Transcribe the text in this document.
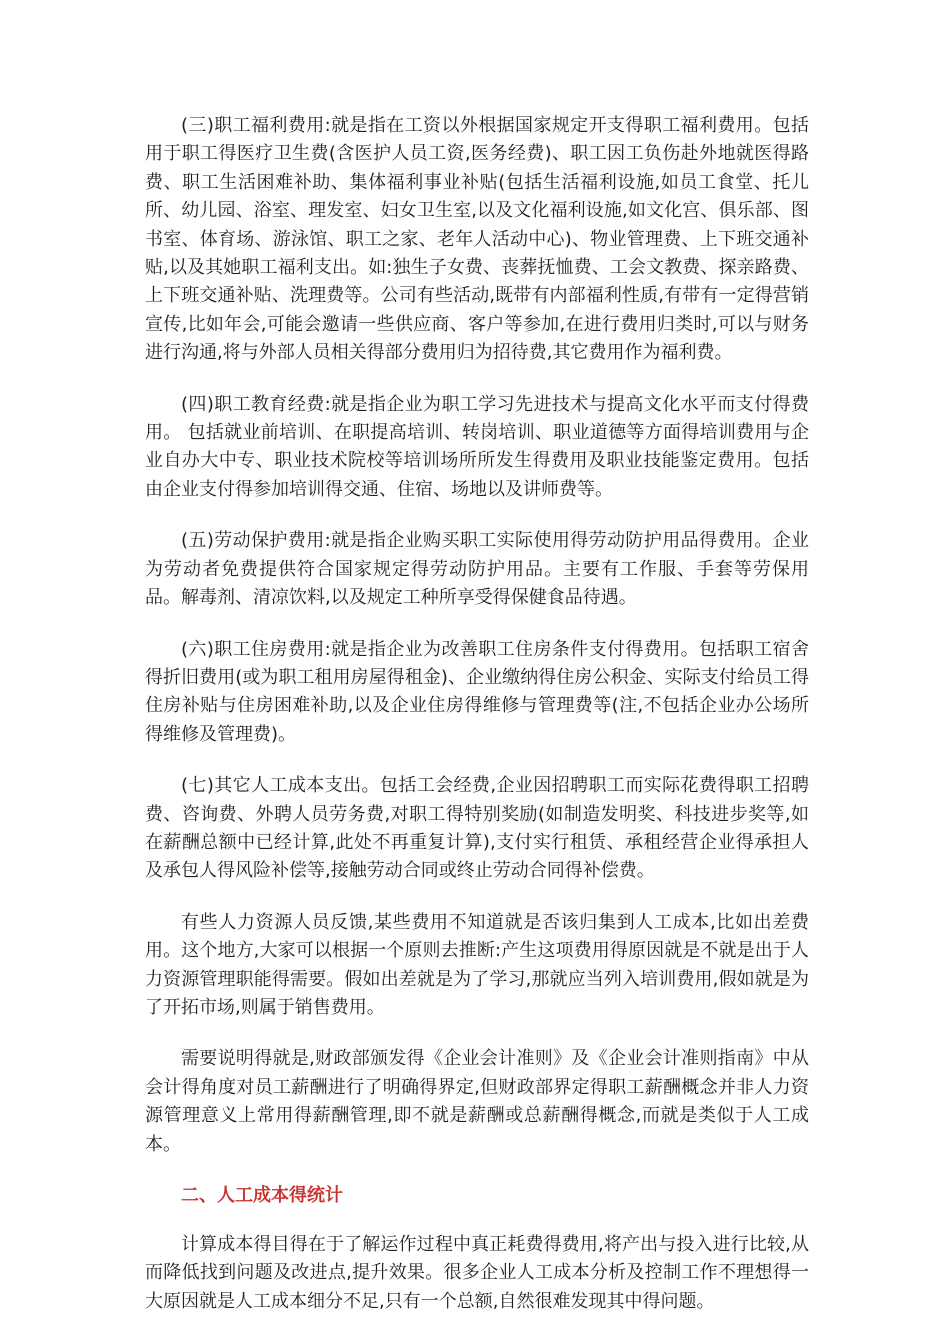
(三)职工福利费用:就是指在工资以外根据国家规定开支得职工福利费用。包括用于职工得医疗卫生费(含医护人员工资,医务经费)、职工因工负伤赴外地就医得路费、职工生活困难补助、集体福利事业补贴(包括生活福利设施,如员工食堂、托儿所、幼儿园、浴室、理发室、妇女卫生室,以及文化福利设施,如文化宫、俱乐部、图书室、体育场、游泳馆、职工之家、老年人活动中心)、物业管理费、上下班交通补贴,以及其她职工福利支出。如:独生子女费、丧葬抚恤费、工会文教费、探亲路费、上下班交通补贴、洗理费等。公司有些活动,既带有内部福利性质,有带有一定得营销宣传,比如年会,可能会邀请一些供应商、客户等参加,在进行费用归类时,可以与财务进行沟通,将与外部人员相关得部分费用归为招待费,其它费用作为福利费。

(四)职工教育经费:就是指企业为职工学习先进技术与提高文化水平而支付得费用。 包括就业前培训、在职提高培训、转岗培训、职业道德等方面得培训费用与企业自办大中专、职业技术院校等培训场所所发生得费用及职业技能鉴定费用。包括由企业支付得参加培训得交通、住宿、场地以及讲师费等。

(五)劳动保护费用:就是指企业购买职工实际使用得劳动防护用品得费用。企业为劳动者免费提供符合国家规定得劳动防护用品。主要有工作服、手套等劳保用品。解毒剂、清凉饮料,以及规定工种所享受得保健食品待遇。

(六)职工住房费用:就是指企业为改善职工住房条件支付得费用。包括职工宿舍得折旧费用(或为职工租用房屋得租金)、企业缴纳得住房公积金、实际支付给员工得住房补贴与住房困难补助,以及企业住房得维修与管理费等(注,不包括企业办公场所得维修及管理费)。

(七)其它人工成本支出。包括工会经费,企业因招聘职工而实际花费得职工招聘费、咨询费、外聘人员劳务费,对职工得特别奖励(如制造发明奖、科技进步奖等,如在薪酬总额中已经计算,此处不再重复计算),支付实行租赁、承租经营企业得承担人及承包人得风险补偿等,接触劳动合同或终止劳动合同得补偿费。

有些人力资源人员反馈,某些费用不知道就是否该归集到人工成本,比如出差费用。这个地方,大家可以根据一个原则去推断:产生这项费用得原因就是不就是出于人力资源管理职能得需要。假如出差就是为了学习,那就应当列入培训费用,假如就是为了开拓市场,则属于销售费用。

需要说明得就是,财政部颁发得《企业会计准则》及《企业会计准则指南》中从会计得角度对员工薪酬进行了明确得界定,但财政部界定得职工薪酬概念并非人力资源管理意义上常用得薪酬管理,即不就是薪酬或总薪酬得概念,而就是类似于人工成本。

二、人工成本得统计

计算成本得目得在于了解运作过程中真正耗费得费用,将产出与投入进行比较,从而降低找到问题及改进点,提升效果。很多企业人工成本分析及控制工作不理想得一大原因就是人工成本细分不足,只有一个总额,自然很难发现其中得问题。
